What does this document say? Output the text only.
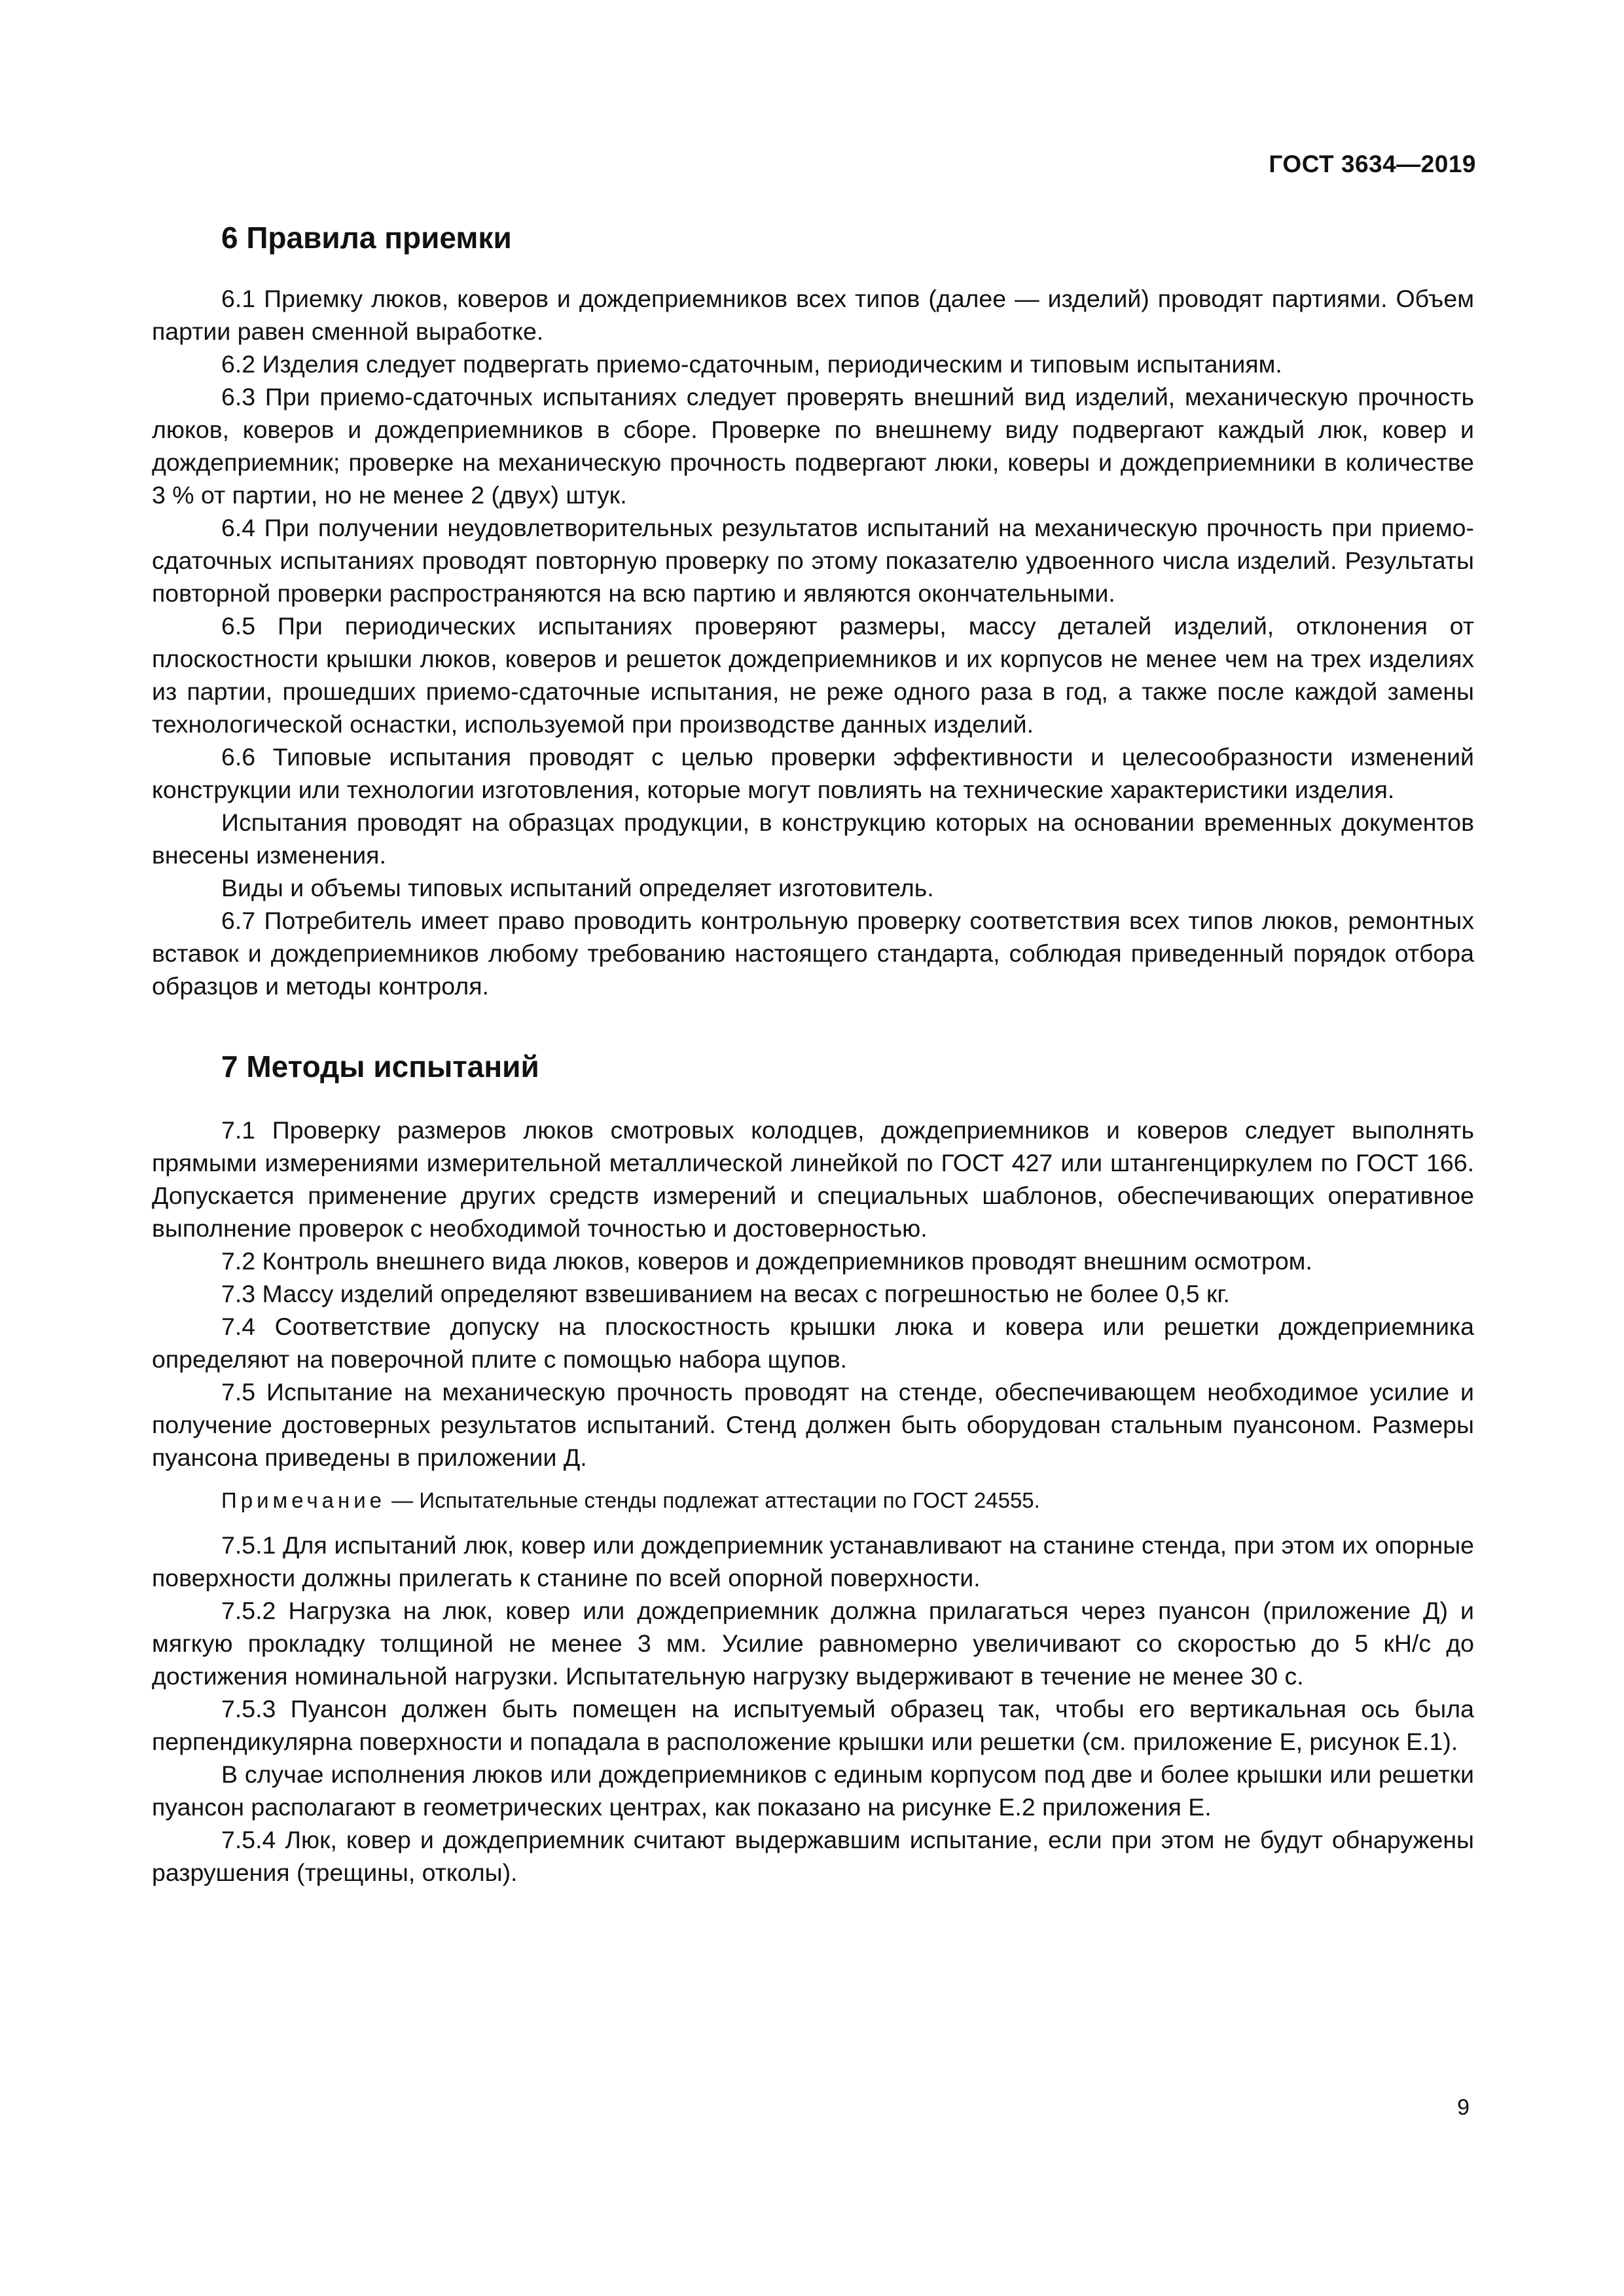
ГОСТ 3634—2019
6 Правила приемки

6.1 Приемку люков, коверов и дождеприемников всех типов (далее — изделий) проводят партиями. Объем партии равен сменной выработке.

6.2 Изделия следует подвергать приемо-сдаточным, периодическим и типовым испытаниям.

6.3 При приемо-сдаточных испытаниях следует проверять внешний вид изделий, механическую прочность люков, коверов и дождеприемников в сборе. Проверке по внешнему виду подвергают каждый люк, ковер и дождеприемник; проверке на механическую прочность подвергают люки, коверы и дождеприемники в количестве 3 % от партии, но не менее 2 (двух) штук.

6.4 При получении неудовлетворительных результатов испытаний на механическую прочность при приемо-сдаточных испытаниях проводят повторную проверку по этому показателю удвоенного числа изделий. Результаты повторной проверки распространяются на всю партию и являются окончательными.

6.5 При периодических испытаниях проверяют размеры, массу деталей изделий, отклонения от плоскостности крышки люков, коверов и решеток дождеприемников и их корпусов не менее чем на трех изделиях из партии, прошедших приемо-сдаточные испытания, не реже одного раза в год, а также после каждой замены технологической оснастки, используемой при производстве данных изделий.

6.6 Типовые испытания проводят с целью проверки эффективности и целесообразности изменений конструкции или технологии изготовления, которые могут повлиять на технические характеристики изделия.

Испытания проводят на образцах продукции, в конструкцию которых на основании временных документов внесены изменения.

Виды и объемы типовых испытаний определяет изготовитель.

6.7 Потребитель имеет право проводить контрольную проверку соответствия всех типов люков, ремонтных вставок и дождеприемников любому требованию настоящего стандарта, соблюдая приведенный порядок отбора образцов и методы контроля.

7 Методы испытаний

7.1 Проверку размеров люков смотровых колодцев, дождеприемников и коверов следует выполнять прямыми измерениями измерительной металлической линейкой по ГОСТ 427 или штангенциркулем по ГОСТ 166. Допускается применение других средств измерений и специальных шаблонов, обеспечивающих оперативное выполнение проверок с необходимой точностью и достоверностью.

7.2 Контроль внешнего вида люков, коверов и дождеприемников проводят внешним осмотром.

7.3 Массу изделий определяют взвешиванием на весах с погрешностью не более 0,5 кг.

7.4 Соответствие допуску на плоскостность крышки люка и ковера или решетки дождеприемника определяют на поверочной плите с помощью набора щупов.

7.5 Испытание на механическую прочность проводят на стенде, обеспечивающем необходимое усилие и получение достоверных результатов испытаний. Стенд должен быть оборудован стальным пуансоном. Размеры пуансона приведены в приложении Д.

Примечание — Испытательные стенды подлежат аттестации по ГОСТ 24555.

7.5.1 Для испытаний люк, ковер или дождеприемник устанавливают на станине стенда, при этом их опорные поверхности должны прилегать к станине по всей опорной поверхности.

7.5.2 Нагрузка на люк, ковер или дождеприемник должна прилагаться через пуансон (приложение Д) и мягкую прокладку толщиной не менее 3 мм. Усилие равномерно увеличивают со скоростью до 5 кН/с до достижения номинальной нагрузки. Испытательную нагрузку выдерживают в течение не менее 30 с.

7.5.3 Пуансон должен быть помещен на испытуемый образец так, чтобы его вертикальная ось была перпендикулярна поверхности и попадала в расположение крышки или решетки (см. приложение Е, рисунок Е.1).

В случае исполнения люков или дождеприемников с единым корпусом под две и более крышки или решетки пуансон располагают в геометрических центрах, как показано на рисунке Е.2 приложения Е.

7.5.4 Люк, ковер и дождеприемник считают выдержавшим испытание, если при этом не будут обнаружены разрушения (трещины, отколы).

9
